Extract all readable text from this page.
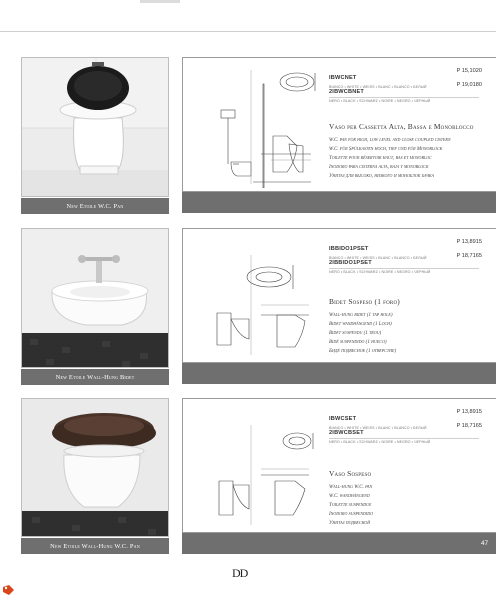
New Etoile W.C. Pan
IBWCNET
BIANCO • WHITE • WEISS • BLANC • BLANCO • БЕЛЫЙ
2IBWCBNET
NERO • BLACK • SCHWARZ • NOIRE • NEGRO • ЧЕРНЫЙ
P 15,1020
P 19,0180
Vaso per Cassetta Alta, Bassa e Monoblocco
W.C. pan for high, low level and close coupled cistern
W.C. für Spülkasten hoch, tief und für Monoblock
Toilette pour réservoir haut, bas et monobloc
Inodoro para cisterna alta, baja y monoblock
Унитаз для высоко, низкого и моноблок бачка
New Etoile Wall-Hung Bidet
IBBIDO1PSET
BIANCO • WHITE • WEISS • BLANC • BLANCO • БЕЛЫЙ
2IBBIDO1PSET
NERO • BLACK • SCHWARZ • NOIRE • NEGRO • ЧЕРНЫЙ
P 13,8915
P 18,7165
Bidet Sospeso (1 foro)
Wall-hung bidet (1 tap hole)
Bidet wandhängend (1 Loch)
Bidet suspendu (1 trou)
Bidé suspendido (1 hueco)
Биде подвесное (1 отверстие)
New Etoile Wall-Hung W.C. Pan
IBWCSET
BIANCO • WHITE • WEISS • BLANC • BLANCO • БЕЛЫЙ
2IBWCBSET
NERO • BLACK • SCHWARZ • NOIRE • NEGRO • ЧЕРНЫЙ
P 13,8915
P 18,7165
Vaso Sospeso
Wall-hung W.C. pan
W.C. wandhängend
Toilette suspendue
Inodoro suspendido
Унитаз подвесной
47
DD
